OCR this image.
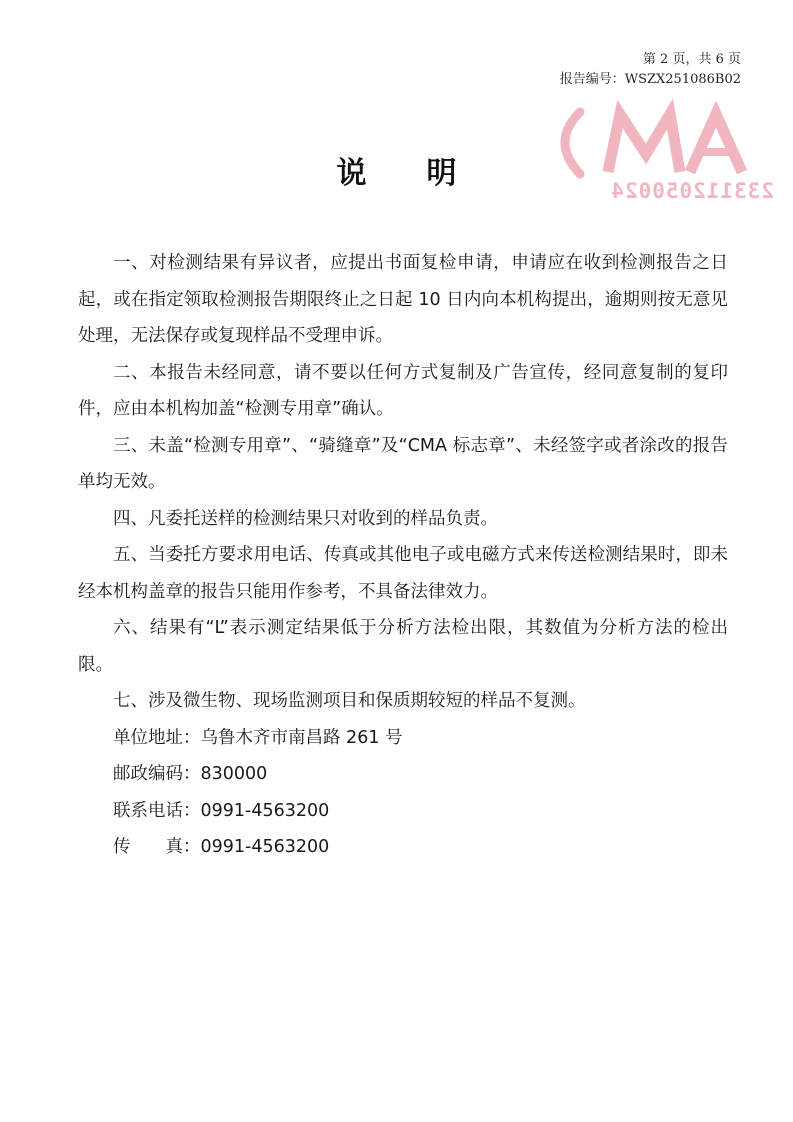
第 2 页，共 6 页
报告编号：WSZX251086B02
233112050024
说明

一、对检测结果有异议者，应提出书面复检申请，申请应在收到检测报告之日起，或在指定领取检测报告期限终止之日起 10 日内向本机构提出，逾期则按无意见处理，无法保存或复现样品不受理申诉。

二、本报告未经同意，请不要以任何方式复制及广告宣传，经同意复制的复印件，应由本机构加盖“检测专用章”确认。

三、未盖“检测专用章”、“骑缝章”及“CMA 标志章”、未经签字或者涂改的报告单均无效。

四、凡委托送样的检测结果只对收到的样品负责。

五、当委托方要求用电话、传真或其他电子或电磁方式来传送检测结果时，即未经本机构盖章的报告只能用作参考，不具备法律效力。

六、结果有“L”表示测定结果低于分析方法检出限，其数值为分析方法的检出限。

七、涉及微生物、现场监测项目和保质期较短的样品不复测。

单位地址：乌鲁木齐市南昌路 261 号

邮政编码：830000

联系电话：0991-4563200

传　　真：0991-4563200
